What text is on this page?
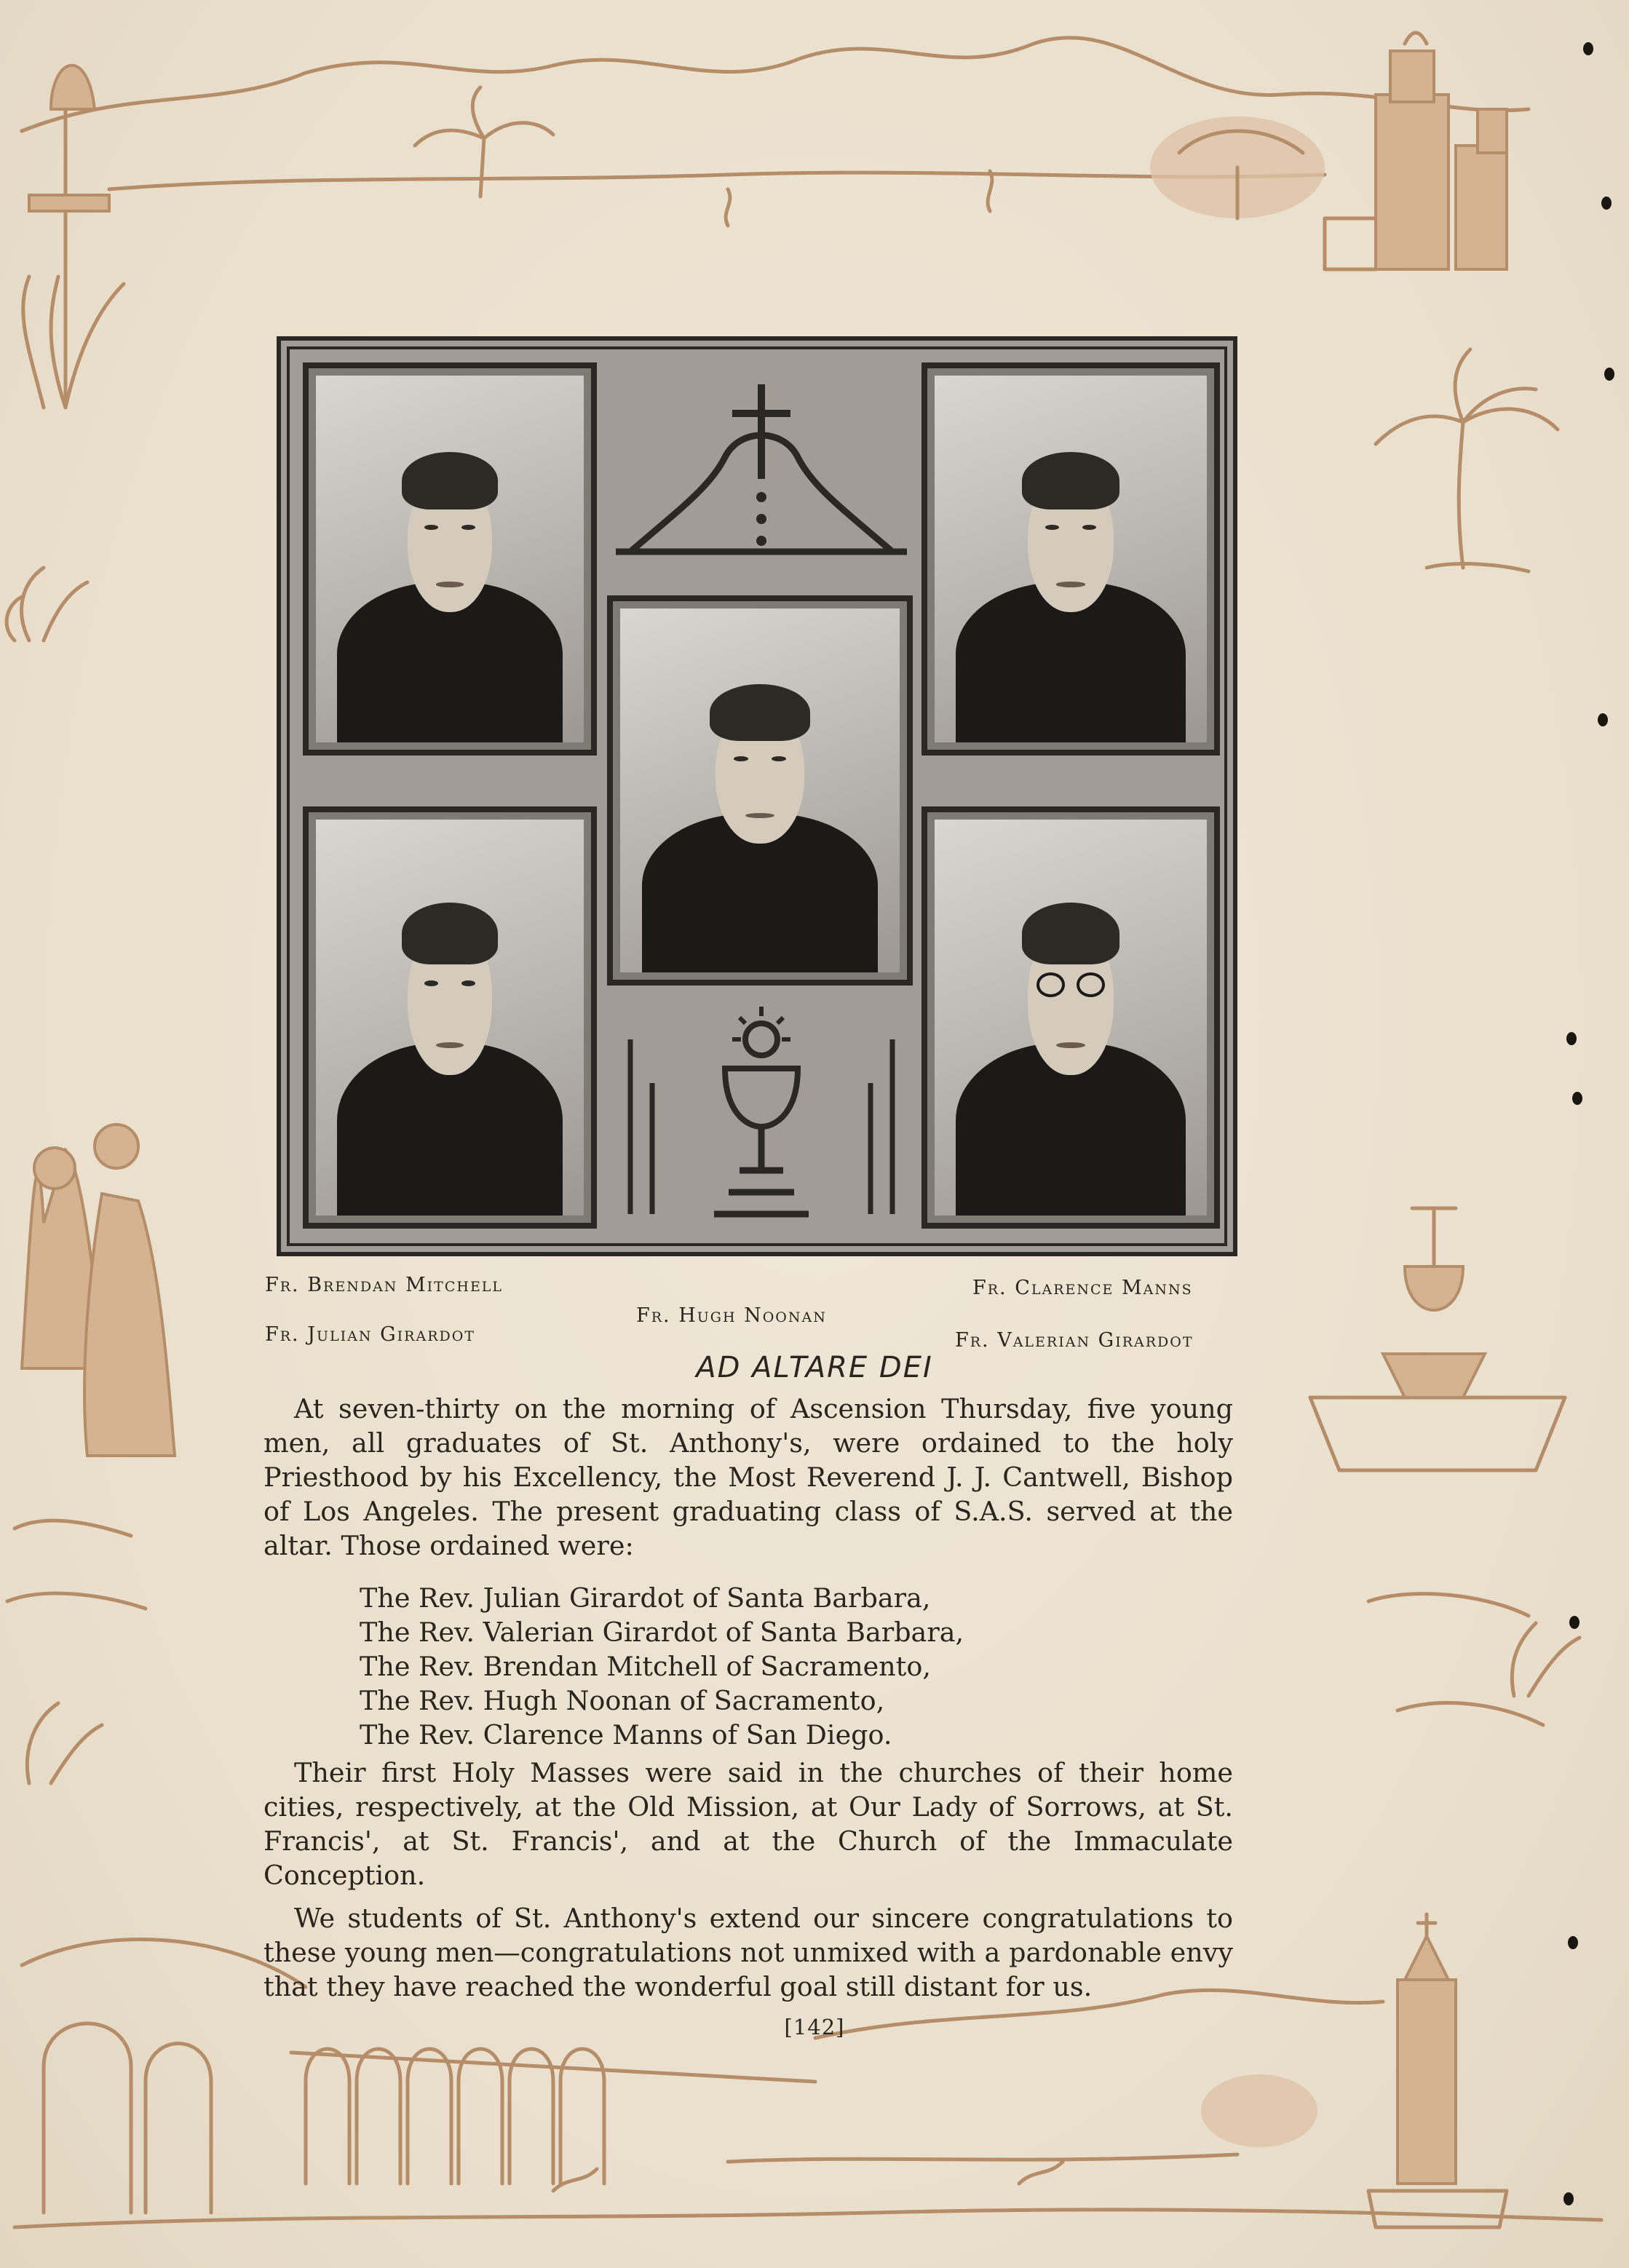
Fr. Brendan Mitchell
Fr. Julian Girardot
Fr. Hugh Noonan
Fr. Clarence Manns
Fr. Valerian Girardot
AD ALTARE DEI

At seven-thirty on the morning of Ascension Thursday, five young men, all graduates of St. Anthony's, were ordained to the holy Priesthood by his Excellency, the Most Reverend J. J. Cantwell, Bishop of Los Angeles. The present graduating class of S.A.S. served at the altar. Those ordained were:

The Rev. Julian Girardot of Santa Barbara,
The Rev. Valerian Girardot of Santa Barbara,
The Rev. Brendan Mitchell of Sacramento,
The Rev. Hugh Noonan of Sacramento,
The Rev. Clarence Manns of San Diego.

Their first Holy Masses were said in the churches of their home cities, respectively, at the Old Mission, at Our Lady of Sorrows, at St. Francis', at St. Francis', and at the Church of the Immaculate Conception.

We students of St. Anthony's extend our sincere congratulations to these young men—congratulations not unmixed with a pardonable envy that they have reached the wonderful goal still distant for us.

[142]
